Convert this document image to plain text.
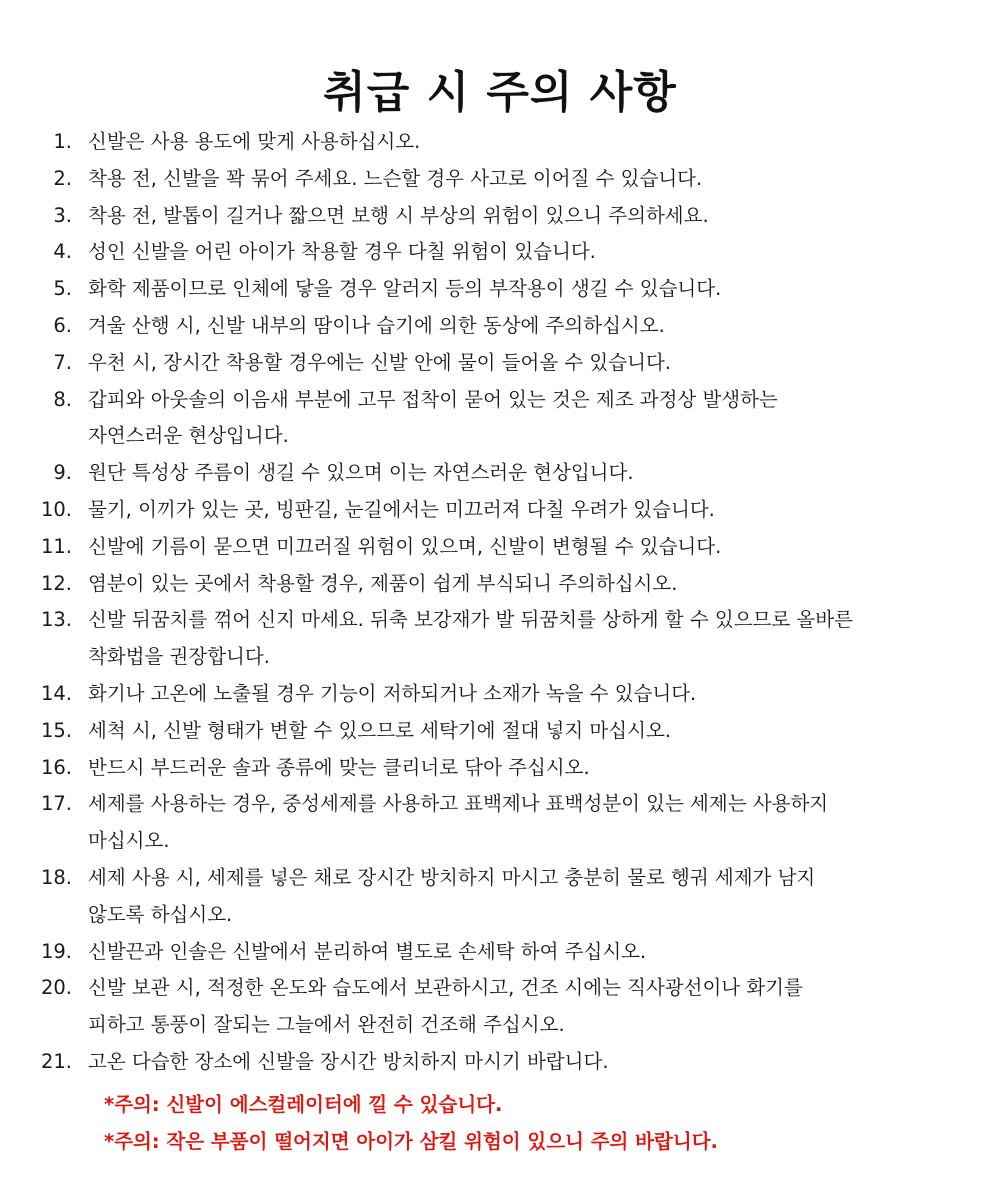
취급 시 주의 사항
1. 신발은 사용 용도에 맞게 사용하십시오.
2. 착용 전, 신발을 꽉 묶어 주세요. 느슨할 경우 사고로 이어질 수 있습니다.
3. 착용 전, 발톱이 길거나 짧으면 보행 시 부상의 위험이 있으니 주의하세요.
4. 성인 신발을 어린 아이가 착용할 경우 다칠 위험이 있습니다.
5. 화학 제품이므로 인체에 닿을 경우 알러지 등의 부작용이 생길 수 있습니다.
6. 겨울 산행 시, 신발 내부의 땀이나 습기에 의한 동상에 주의하십시오.
7. 우천 시, 장시간 착용할 경우에는 신발 안에 물이 들어올 수 있습니다.
8. 갑피와 아웃솔의 이음새 부분에 고무 접착이 묻어 있는 것은 제조 과정상 발생하는
자연스러운 현상입니다.
9. 원단 특성상 주름이 생길 수 있으며 이는 자연스러운 현상입니다.
10. 물기, 이끼가 있는 곳, 빙판길, 눈길에서는 미끄러져 다칠 우려가 있습니다.
11. 신발에 기름이 묻으면 미끄러질 위험이 있으며, 신발이 변형될 수 있습니다.
12. 염분이 있는 곳에서 착용할 경우, 제품이 쉽게 부식되니 주의하십시오.
13. 신발 뒤꿈치를 꺾어 신지 마세요. 뒤축 보강재가 발 뒤꿈치를 상하게 할 수 있으므로 올바른
착화법을 권장합니다.
14. 화기나 고온에 노출될 경우 기능이 저하되거나 소재가 녹을 수 있습니다.
15. 세척 시, 신발 형태가 변할 수 있으므로 세탁기에 절대 넣지 마십시오.
16. 반드시 부드러운 솔과 종류에 맞는 클리너로 닦아 주십시오.
17. 세제를 사용하는 경우, 중성세제를 사용하고 표백제나 표백성분이 있는 세제는 사용하지
마십시오.
18. 세제 사용 시, 세제를 넣은 채로 장시간 방치하지 마시고 충분히 물로 헹궈 세제가 남지
않도록 하십시오.
19. 신발끈과 인솔은 신발에서 분리하여 별도로 손세탁 하여 주십시오.
20. 신발 보관 시, 적정한 온도와 습도에서 보관하시고, 건조 시에는 직사광선이나 화기를
피하고 통풍이 잘되는 그늘에서 완전히 건조해 주십시오.
21. 고온 다습한 장소에 신발을 장시간 방치하지 마시기 바랍니다.
*주의: 신발이 에스컬레이터에 낄 수 있습니다.
*주의: 작은 부품이 떨어지면 아이가 삼킬 위험이 있으니 주의 바랍니다.
